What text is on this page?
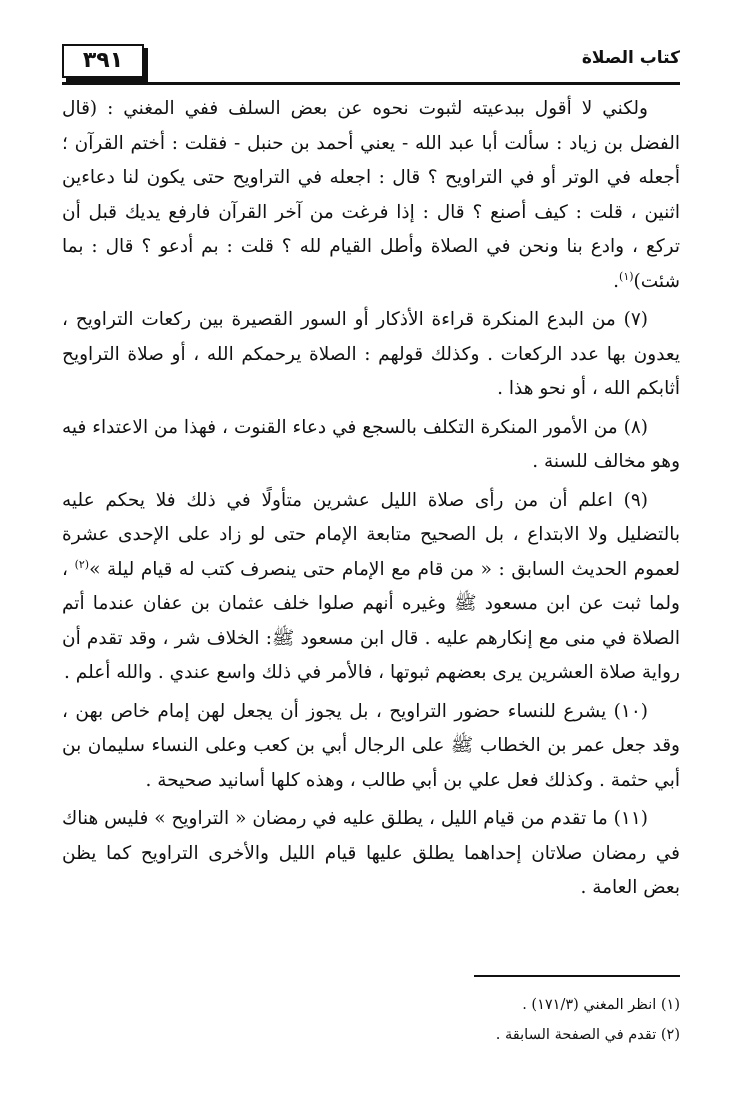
٣٩١	كتاب الصلاة

ولكني لا أقول ببدعيته لثبوت نحوه عن بعض السلف ففي المغني : (قال الفضل بن زياد : سألت أبا عبد الله - يعني أحمد بن حنبل - فقلت : أختم القرآن ؛ أجعله في الوتر أو في التراويح ؟ قال : اجعله في التراويح حتى يكون لنا دعاءين اثنين ، قلت : كيف أصنع ؟ قال : إذا فرغت من آخر القرآن فارفع يديك قبل أن تركع ، وادع بنا ونحن في الصلاة وأطل القيام لله ؟ قلت : بم أدعو ؟ قال : بما شئت)$^{(١)}$.

(٧) من البدع المنكرة قراءة الأذكار أو السور القصيرة بين ركعات التراويح ، يعدون بها عدد الركعات . وكذلك قولهم : الصلاة يرحمكم الله ، أو صلاة التراويح أثابكم الله ، أو نحو هذا .

(٨) من الأمور المنكرة التكلف بالسجع في دعاء القنوت ، فهذا من الاعتداء فيه وهو مخالف للسنة .

(٩) اعلم أن من رأى صلاة الليل عشرين متأولًا في ذلك فلا يحكم عليه بالتضليل ولا الابتداع ، بل الصحيح متابعة الإمام حتى لو زاد على الإحدى عشرة لعموم الحديث السابق : « من قام مع الإمام حتى ينصرف كتب له قيام ليلة »$^{(٢)}$ ، ولما ثبت عن ابن مسعود ﷺ وغيره أنهم صلوا خلف عثمان بن عفان عندما أتم الصلاة في منى مع إنكارهم عليه . قال ابن مسعود ﷺ: الخلاف شر ، وقد تقدم أن رواية صلاة العشرين يرى بعضهم ثبوتها ، فالأمر في ذلك واسع عندي . والله أعلم .

(١٠) يشرع للنساء حضور التراويح ، بل يجوز أن يجعل لهن إمام خاص بهن ، وقد جعل عمر بن الخطاب ﷺ على الرجال أبي بن كعب وعلى النساء سليمان بن أبي حثمة . وكذلك فعل علي بن أبي طالب ، وهذه كلها أسانيد صحيحة .

(١١) ما تقدم من قيام الليل ، يطلق عليه في رمضان « التراويح » فليس هناك في رمضان صلاتان إحداهما يطلق عليها قيام الليل والأخرى التراويح كما يظن بعض العامة .

(١) انظر المغني (١٧١/٣) .
(٢) تقدم في الصفحة السابقة .
